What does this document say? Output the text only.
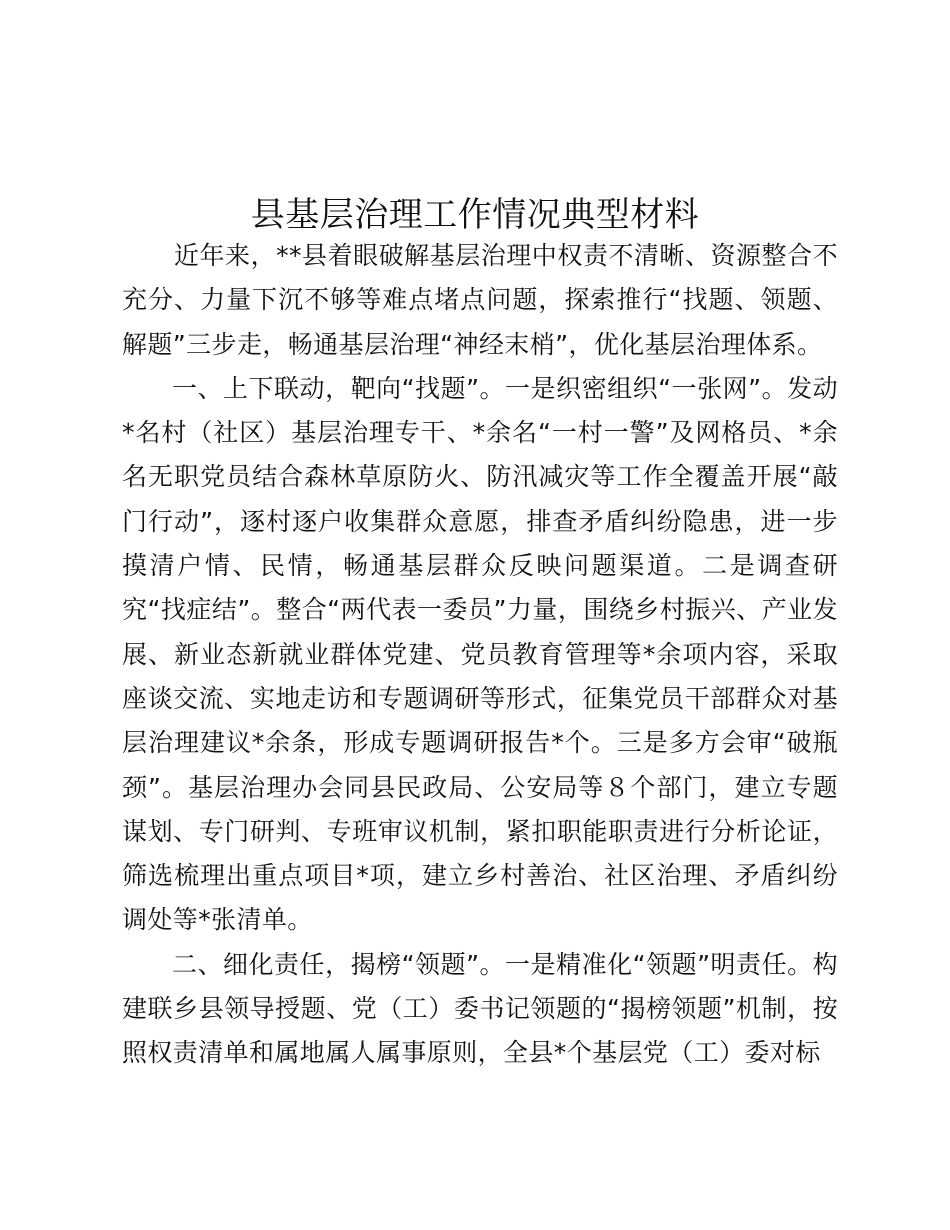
县基层治理工作情况典型材料

近年来，**县着眼破解基层治理中权责不清晰、资源整合不充分、力量下沉不够等难点堵点问题，探索推行“找题、领题、解题”三步走，畅通基层治理“神经末梢”，优化基层治理体系。

一、上下联动，靶向“找题”。一是织密组织“一张网”。发动*名村（社区）基层治理专干、*余名“一村一警”及网格员、*余名无职党员结合森林草原防火、防汛减灾等工作全覆盖开展“敲门行动”，逐村逐户收集群众意愿，排查矛盾纠纷隐患，进一步摸清户情、民情，畅通基层群众反映问题渠道。二是调查研究“找症结”。整合“两代表一委员”力量，围绕乡村振兴、产业发展、新业态新就业群体党建、党员教育管理等*余项内容，采取座谈交流、实地走访和专题调研等形式，征集党员干部群众对基层治理建议*余条，形成专题调研报告*个。三是多方会审“破瓶颈”。基层治理办会同县民政局、公安局等８个部门，建立专题谋划、专门研判、专班审议机制，紧扣职能职责进行分析论证，筛选梳理出重点项目*项，建立乡村善治、社区治理、矛盾纠纷调处等*张清单。

二、细化责任，揭榜“领题”。一是精准化“领题”明责任。构建联乡县领导授题、党（工）委书记领题的“揭榜领题”机制，按照权责清单和属地属人属事原则，全县*个基层党（工）委对标
